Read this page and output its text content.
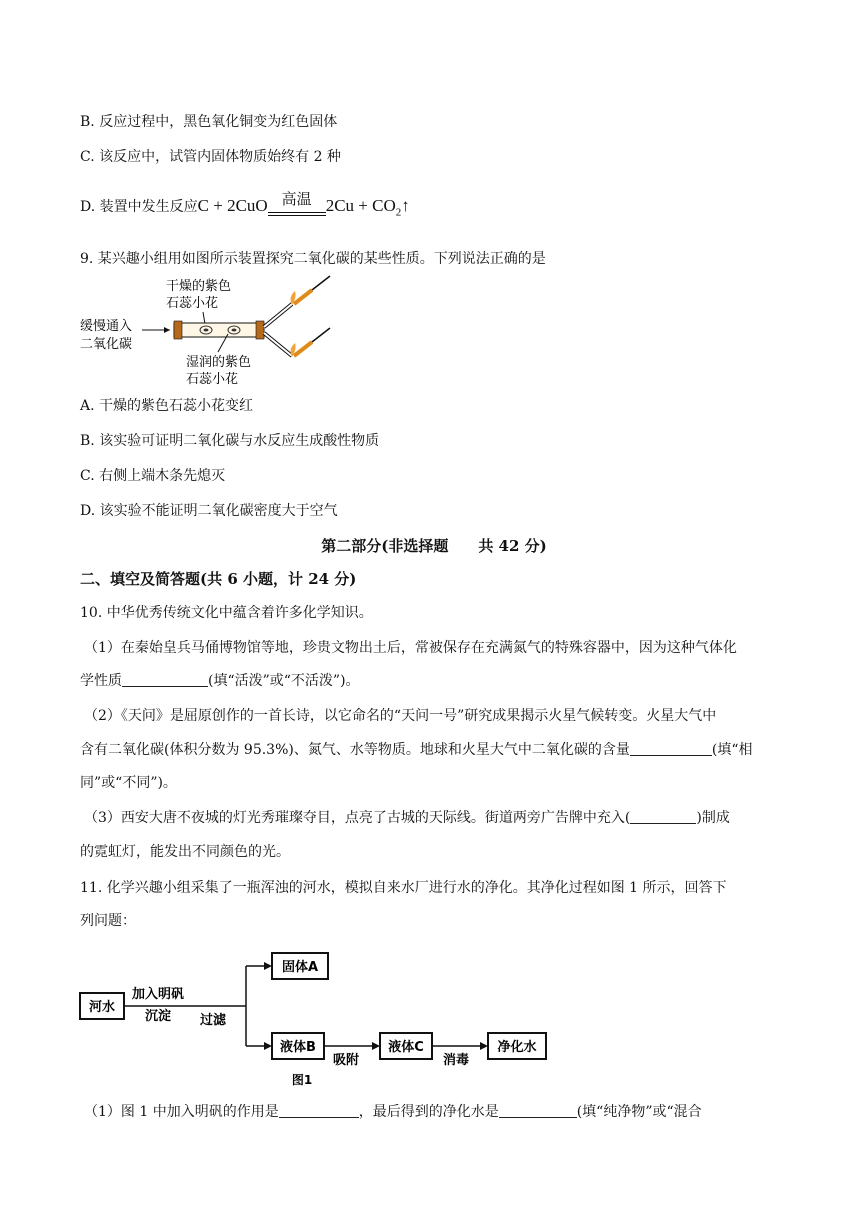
B. 反应过程中，黑色氧化铜变为红色固体
C. 该反应中，试管内固体物质始终有 2 种
D. 装置中发生反应C + 2CuO 高温 $2Cu + CO_2↑$
9. 某兴趣小组用如图所示装置探究二氧化碳的某些性质。下列说法正确的是
干燥的紫色
石蕊小花
缓慢通入
二氧化碳
湿润的紫色
石蕊小花
A. 干燥的紫色石蕊小花变红
B. 该实验可证明二氧化碳与水反应生成酸性物质
C. 右侧上端木条先熄灭
D. 该实验不能证明二氧化碳密度大于空气
第二部分(非选择题　　共 42 分)
二、填空及简答题(共 6 小题，计 24 分)
10. 中华优秀传统文化中蕴含着许多化学知识。
（1）在秦始皇兵马俑博物馆等地，珍贵文物出土后，常被保存在充满氮气的特殊容器中，因为这种气体化
学性质	(填“活泼”或“不活泼”)。
（2）《天问》是屈原创作的一首长诗，以它命名的“天问一号”研究成果揭示火星气候转变。火星大气中
含有二氧化碳(体积分数为 95.3%)、氮气、水等物质。地球和火星大气中二氧化碳的含量	(填“相
同”或“不同”)。
（3）西安大唐不夜城的灯光秀璀璨夺目，点亮了古城的天际线。街道两旁广告牌中充入(	)制成
的霓虹灯，能发出不同颜色的光。
11. 化学兴趣小组采集了一瓶浑浊的河水，模拟自来水厂进行水的净化。其净化过程如图 1 所示，回答下
列问题：
河水
加入明矾
沉淀 过滤
固体A
液体B
吸附
液体C
消毒
净化水
图1
（1）图 1 中加入明矾的作用是	，最后得到的净化水是	(填“纯净物”或“混合
